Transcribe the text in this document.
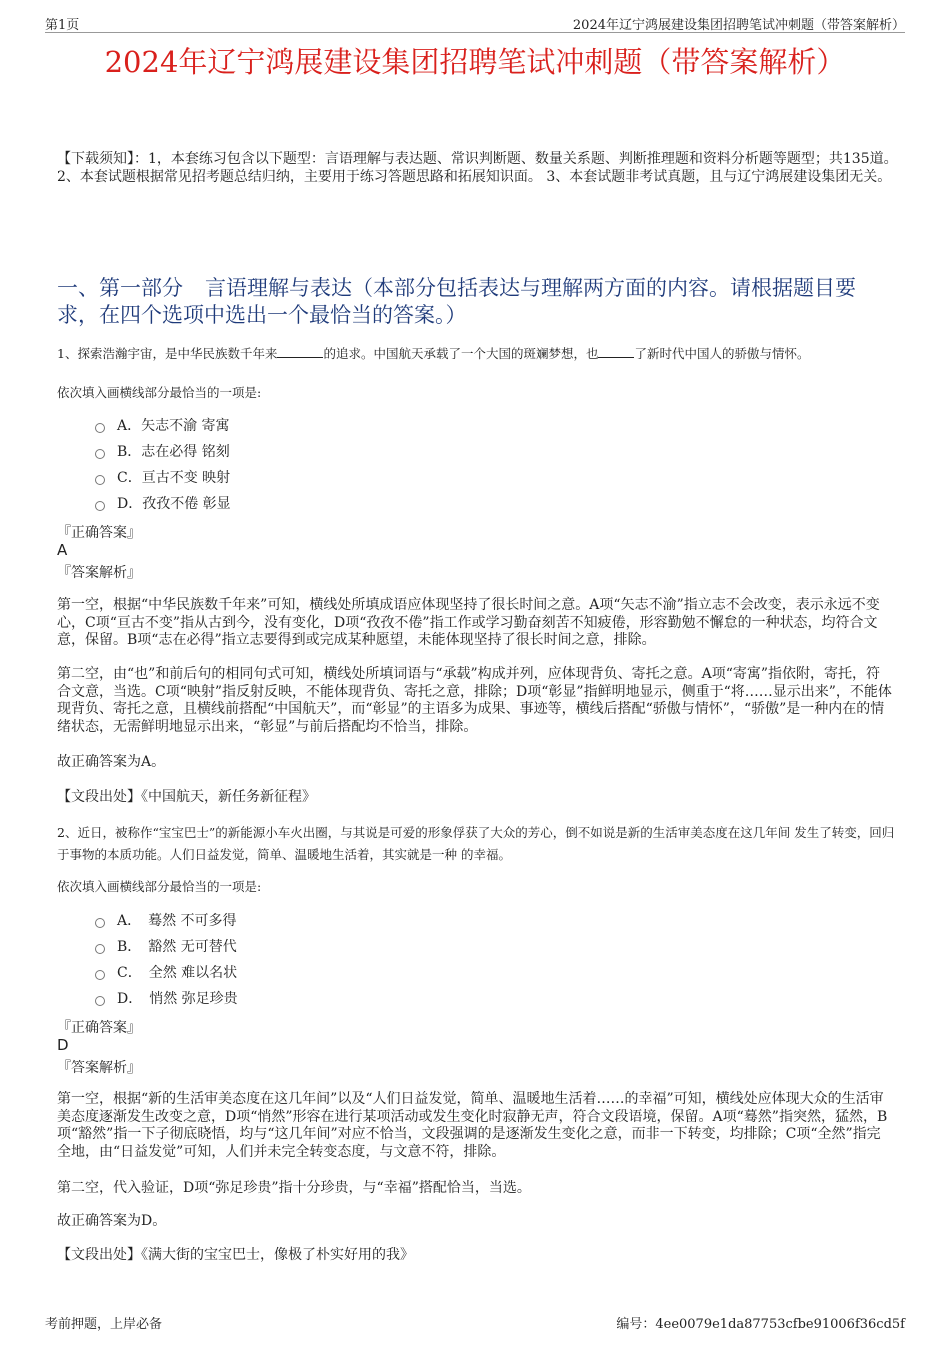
第1页	2024年辽宁鸿展建设集团招聘笔试冲刺题（带答案解析）
2024年辽宁鸿展建设集团招聘笔试冲刺题（带答案解析）

【下载须知】：1，本套练习包含以下题型：言语理解与表达题、常识判断题、数量关系题、判断推理题和资料分析题等题型；共135道。 2、本套试题根据常见招考题总结归纳，主要用于练习答题思路和拓展知识面。 3、本套试题非考试真题，且与辽宁鸿展建设集团无关。

一、第一部分 言语理解与表达（本部分包括表达与理解两方面的内容。请根据题目要求，在四个选项中选出一个最恰当的答案。）

1、探索浩瀚宇宙，是中华民族数千年来	的追求。中国航天承载了一个大国的斑斓梦想，也	了新时代中国人的骄傲与情怀。

依次填入画横线部分最恰当的一项是:

A．矢志不渝 寄寓
B．志在必得 铭刻
C．亘古不变 映射
D．孜孜不倦 彰显

『正确答案』

A

『答案解析』

第一空，根据“中华民族数千年来”可知，横线处所填成语应体现坚持了很长时间之意。A项“矢志不渝”指立志不会改变，表示永远不变心，C项“亘古不变”指从古到今，没有变化，D项“孜孜不倦”指工作或学习勤奋刻苦不知疲倦，形容勤勉不懈怠的一种状态，均符合文意，保留。B项“志在必得”指立志要得到或完成某种愿望，未能体现坚持了很长时间之意，排除。

第二空，由“也”和前后句的相同句式可知，横线处所填词语与“承载”构成并列，应体现背负、寄托之意。A项“寄寓”指依附，寄托，符合文意，当选。C项“映射”指反射反映，不能体现背负、寄托之意，排除；D项“彰显”指鲜明地显示，侧重于“将……显示出来”，不能体现背负、寄托之意，且横线前搭配“中国航天”，而“彰显”的主语多为成果、事迹等，横线后搭配“骄傲与情怀”，“骄傲”是一种内在的情绪状态，无需鲜明地显示出来，“彰显”与前后搭配均不恰当，排除。

故正确答案为A。

【文段出处】《中国航天，新任务新征程》

2、近日，被称作“宝宝巴士”的新能源小车火出圈，与其说是可爱的形象俘获了大众的芳心，倒不如说是新的生活审美态度在这几年间 发生了转变，回归于事物的本质功能。人们日益发觉，简单、温暖地生活着，其实就是一种 的幸福。

依次填入画横线部分最恰当的一项是:

A．　蓦然 不可多得
B．　豁然 无可替代
C．　全然 难以名状
D．　悄然 弥足珍贵

『正确答案』

D

『答案解析』

第一空，根据“新的生活审美态度在这几年间”以及“人们日益发觉，简单、温暖地生活着……的幸福”可知，横线处应体现大众的生活审美态度逐渐发生改变之意，D项“悄然”形容在进行某项活动或发生变化时寂静无声，符合文段语境，保留。A项“蓦然”指突然，猛然，B项“豁然”指一下子彻底晓悟，均与“这几年间”对应不恰当，文段强调的是逐渐发生变化之意，而非一下转变，均排除；C项“全然”指完全地，由“日益发觉”可知，人们并未完全转变态度，与文意不符，排除。

第二空，代入验证，D项“弥足珍贵”指十分珍贵，与“幸福”搭配恰当，当选。

故正确答案为D。

【文段出处】《满大街的宝宝巴士，像极了朴实好用的我》

考前押题，上岸必备	编号：4ee0079e1da87753cfbe91006f36cd5f
